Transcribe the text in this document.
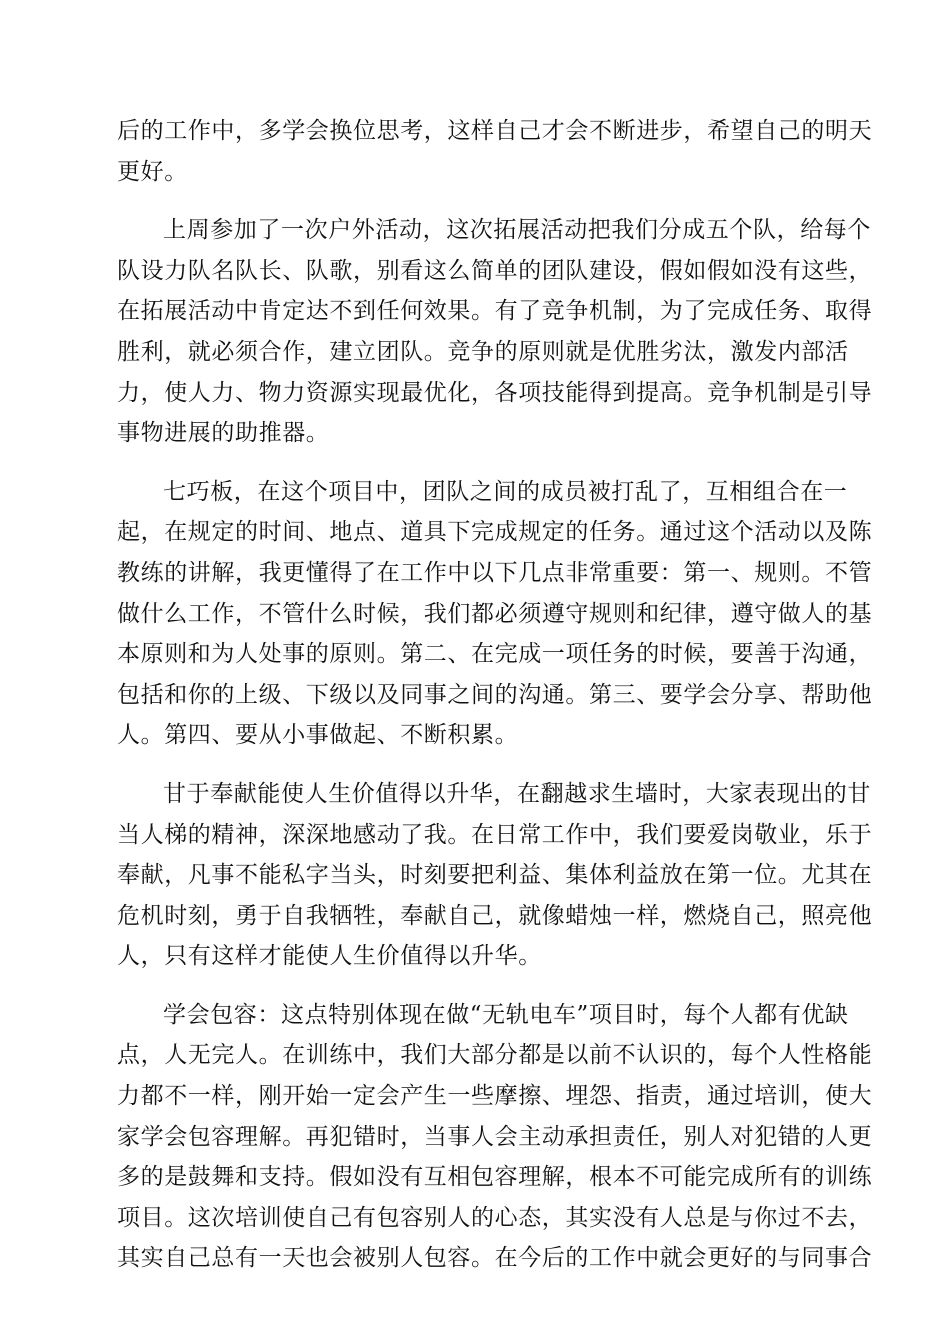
后的工作中，多学会换位思考，这样自己才会不断进步，希望自己的明天
更好。
上周参加了一次户外活动，这次拓展活动把我们分成五个队，给每个
队设力队名队长、队歌，别看这么简单的团队建设，假如假如没有这些，
在拓展活动中肯定达不到任何效果。有了竞争机制，为了完成任务、取得
胜利，就必须合作，建立团队。竞争的原则就是优胜劣汰，激发内部活
力，使人力、物力资源实现最优化，各项技能得到提高。竞争机制是引导
事物进展的助推器。
七巧板，在这个项目中，团队之间的成员被打乱了，互相组合在一
起，在规定的时间、地点、道具下完成规定的任务。通过这个活动以及陈
教练的讲解，我更懂得了在工作中以下几点非常重要：第一、规则。不管
做什么工作，不管什么时候，我们都必须遵守规则和纪律，遵守做人的基
本原则和为人处事的原则。第二、在完成一项任务的时候，要善于沟通，
包括和你的上级、下级以及同事之间的沟通。第三、要学会分享、帮助他
人。第四、要从小事做起、不断积累。
甘于奉献能使人生价值得以升华，在翻越求生墙时，大家表现出的甘
当人梯的精神，深深地感动了我。在日常工作中，我们要爱岗敬业，乐于
奉献，凡事不能私字当头，时刻要把利益、集体利益放在第一位。尤其在
危机时刻，勇于自我牺牲，奉献自己，就像蜡烛一样，燃烧自己，照亮他
人，只有这样才能使人生价值得以升华。
学会包容：这点特别体现在做“无轨电车”项目时，每个人都有优缺
点，人无完人。在训练中，我们大部分都是以前不认识的，每个人性格能
力都不一样，刚开始一定会产生一些摩擦、埋怨、指责，通过培训，使大
家学会包容理解。再犯错时，当事人会主动承担责任，别人对犯错的人更
多的是鼓舞和支持。假如没有互相包容理解，根本不可能完成所有的训练
项目。这次培训使自己有包容别人的心态，其实没有人总是与你过不去，
其实自己总有一天也会被别人包容。在今后的工作中就会更好的与同事合
